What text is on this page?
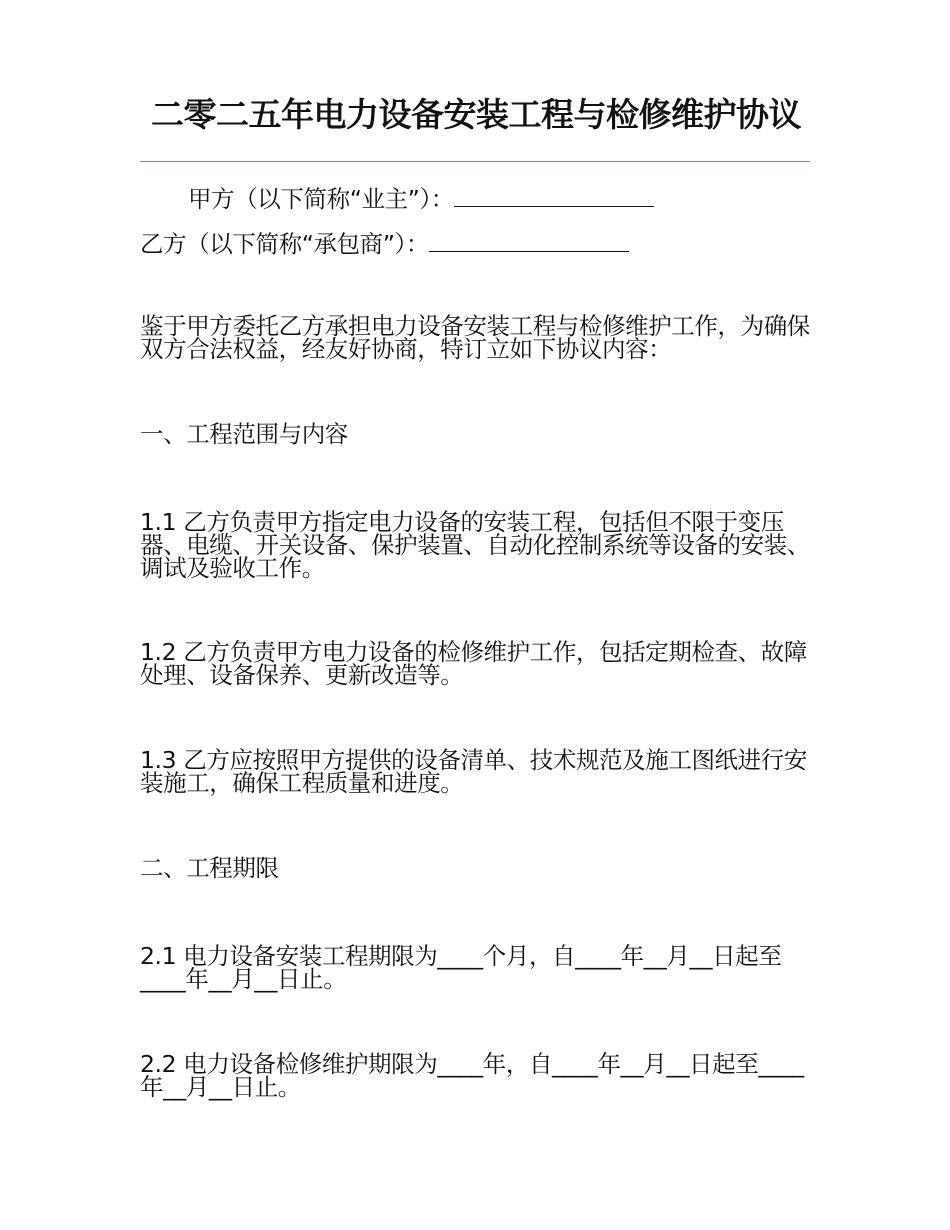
二零二五年电力设备安装工程与检修维护协议
甲方（以下简称“业主”）：
乙方（以下简称“承包商”）：
鉴于甲方委托乙方承担电力设备安装工程与检修维护工作，为确保双方合法权益，经友好协商，特订立如下协议内容：
一、工程范围与内容
1.1 乙方负责甲方指定电力设备的安装工程，包括但不限于变压器、电缆、开关设备、保护装置、自动化控制系统等设备的安装、调试及验收工作。
1.2 乙方负责甲方电力设备的检修维护工作，包括定期检查、故障处理、设备保养、更新改造等。
1.3 乙方应按照甲方提供的设备清单、技术规范及施工图纸进行安装施工，确保工程质量和进度。
二、工程期限
2.1 电力设备安装工程期限为____个月，自____年__月__日起至____年__月__日止。
2.2 电力设备检修维护期限为____年，自____年__月__日起至____年__月__日止。
